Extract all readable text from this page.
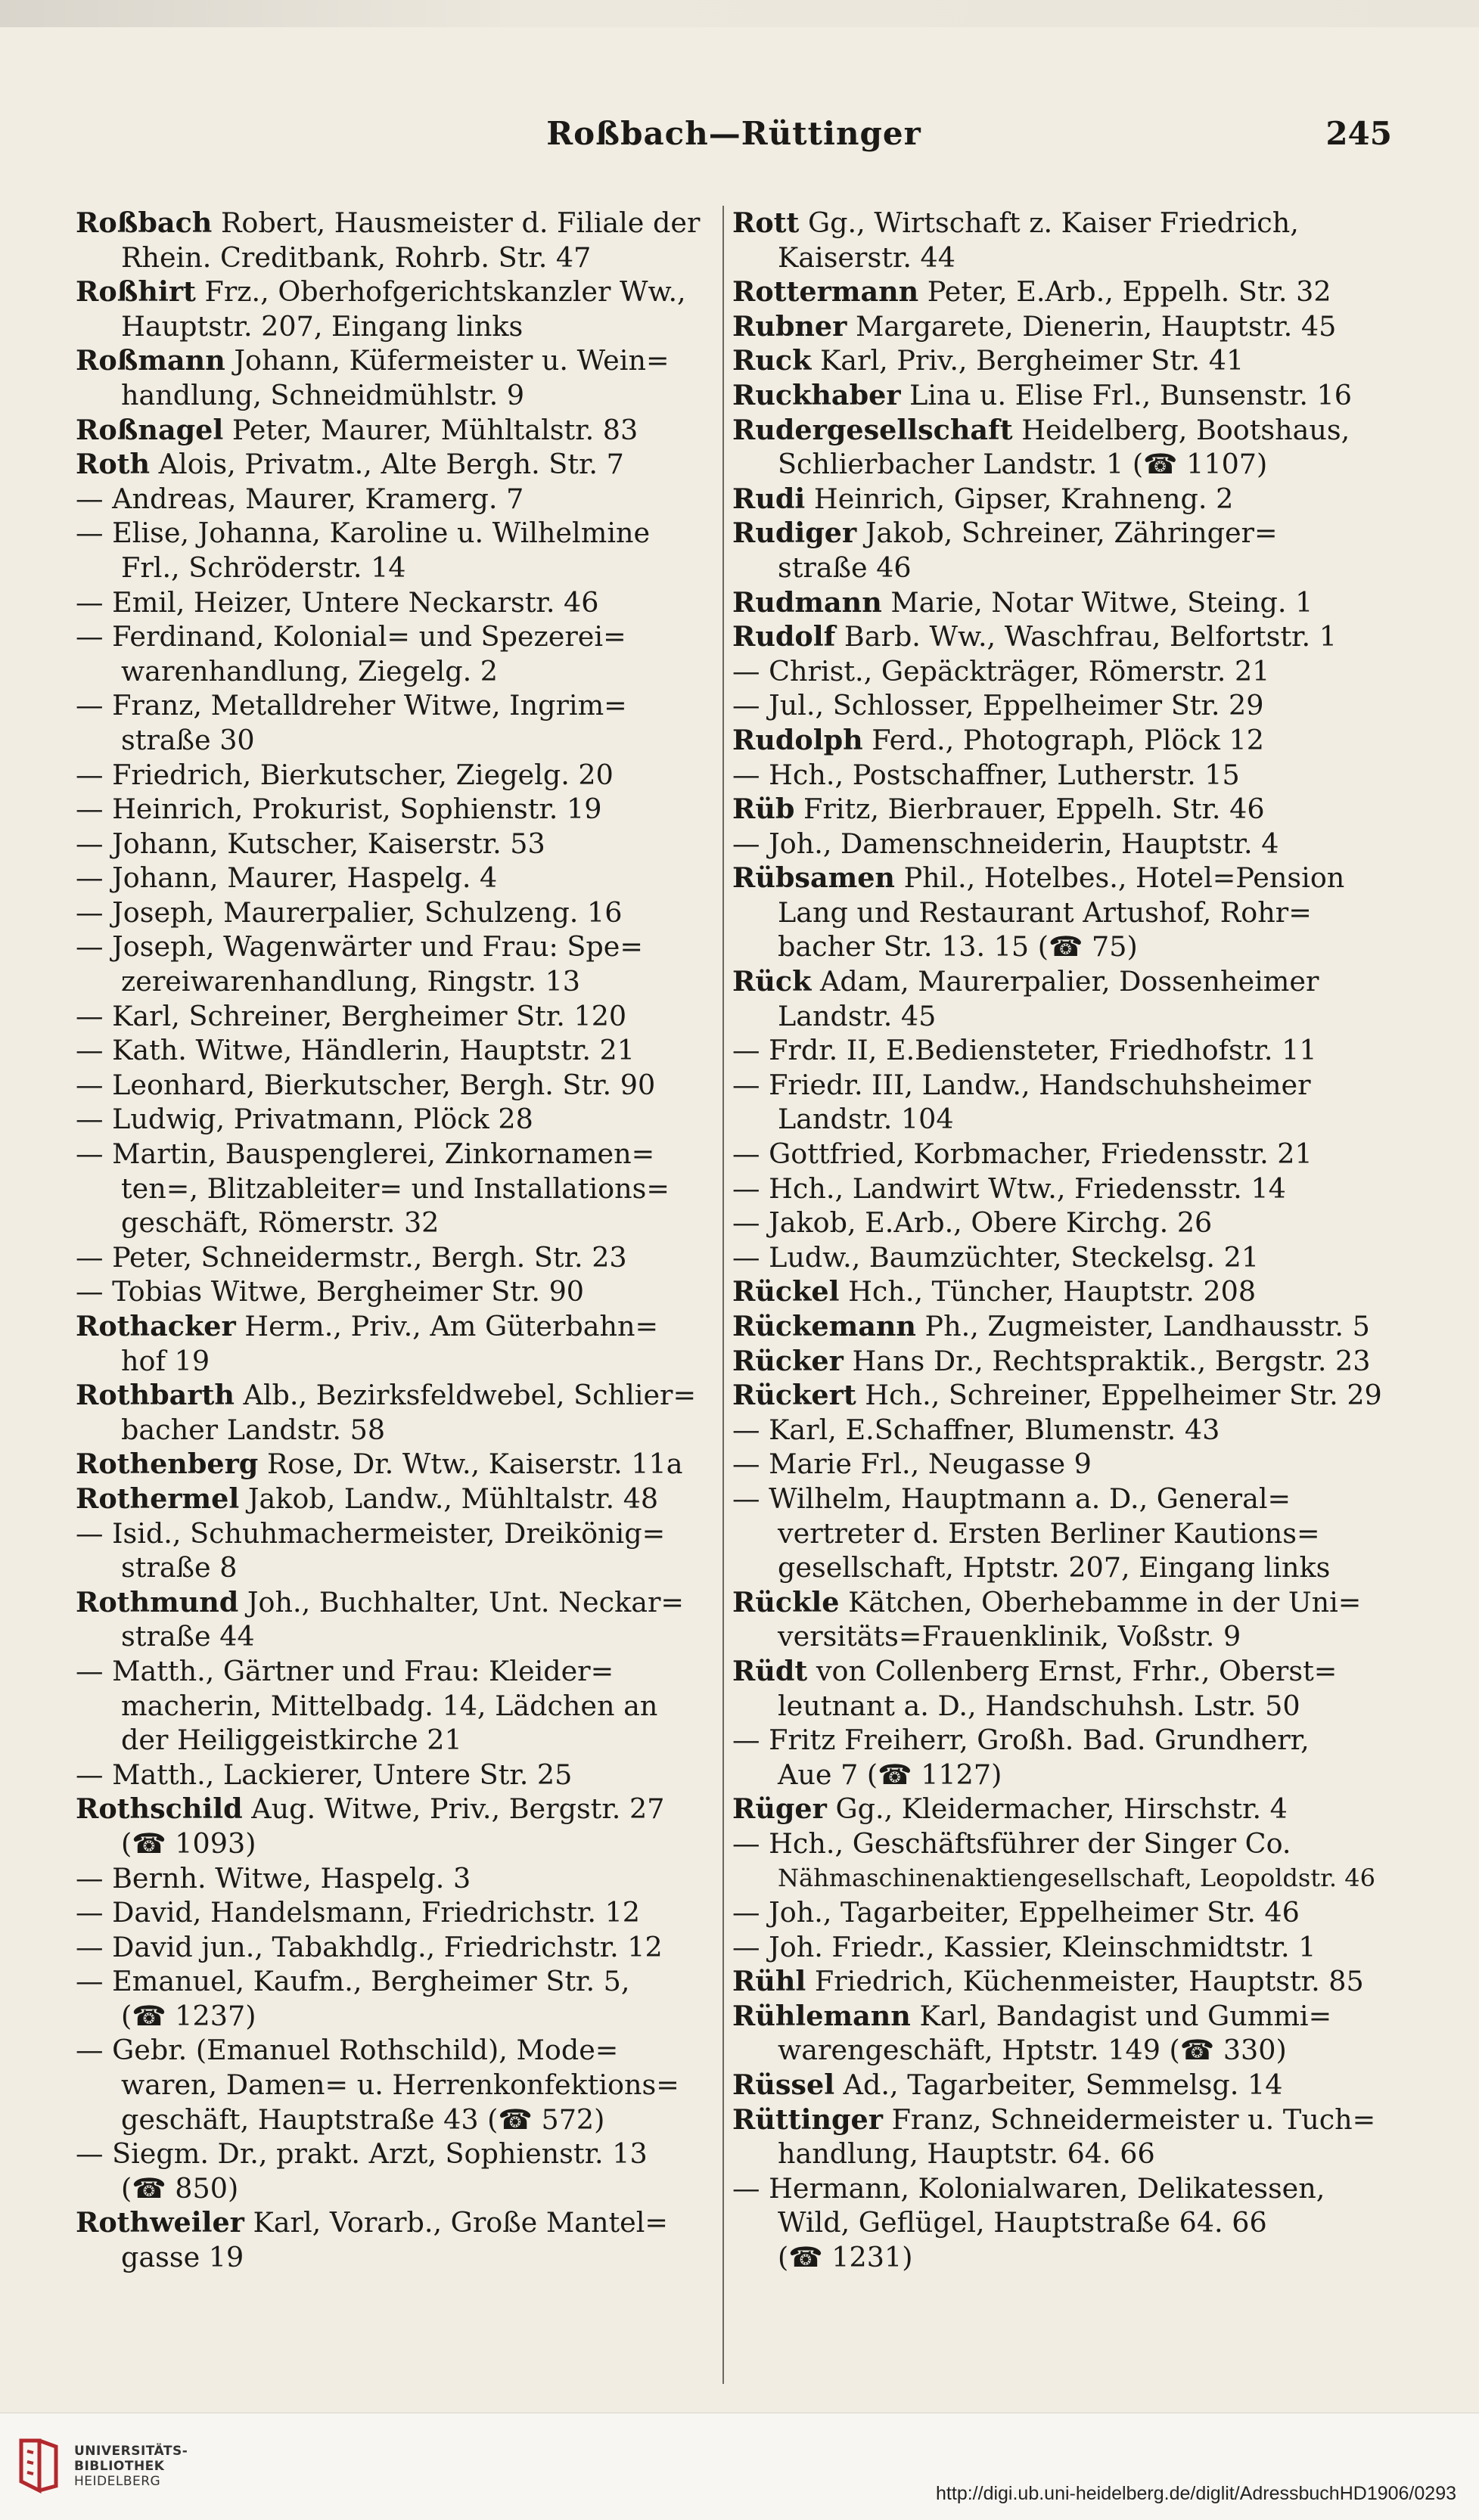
Roßbach—Rüttinger	245
Roßbach Robert, Hausmeister d. Filiale der
Rhein. Creditbank, Rohrb. Str. 47
Roßhirt Frz., Oberhofgerichtskanzler Ww.,
Hauptstr. 207, Eingang links
Roßmann Johann, Küfermeister u. Wein=
handlung, Schneidmühlstr. 9
Roßnagel Peter, Maurer, Mühltalstr. 83
Roth Alois, Privatm., Alte Bergh. Str. 7
— Andreas, Maurer, Kramerg. 7
— Elise, Johanna, Karoline u. Wilhelmine
Frl., Schröderstr. 14
— Emil, Heizer, Untere Neckarstr. 46
— Ferdinand, Kolonial= und Spezerei=
warenhandlung, Ziegelg. 2
— Franz, Metalldreher Witwe, Ingrim=
straße 30
— Friedrich, Bierkutscher, Ziegelg. 20
— Heinrich, Prokurist, Sophienstr. 19
— Johann, Kutscher, Kaiserstr. 53
— Johann, Maurer, Haspelg. 4
— Joseph, Maurerpalier, Schulzeng. 16
— Joseph, Wagenwärter und Frau: Spe=
zereiwarenhandlung, Ringstr. 13
— Karl, Schreiner, Bergheimer Str. 120
— Kath. Witwe, Händlerin, Hauptstr. 21
— Leonhard, Bierkutscher, Bergh. Str. 90
— Ludwig, Privatmann, Plöck 28
— Martin, Bauspenglerei, Zinkornamen=
ten=, Blitzableiter= und Installations=
geschäft, Römerstr. 32
— Peter, Schneidermstr., Bergh. Str. 23
— Tobias Witwe, Bergheimer Str. 90
Rothacker Herm., Priv., Am Güterbahn=
hof 19
Rothbarth Alb., Bezirksfeldwebel, Schlier=
bacher Landstr. 58
Rothenberg Rose, Dr. Wtw., Kaiserstr. 11a
Rothermel Jakob, Landw., Mühltalstr. 48
— Isid., Schuhmachermeister, Dreikönig=
straße 8
Rothmund Joh., Buchhalter, Unt. Neckar=
straße 44
— Matth., Gärtner und Frau: Kleider=
macherin, Mittelbadg. 14, Lädchen an
der Heiliggeistkirche 21
— Matth., Lackierer, Untere Str. 25
Rothschild Aug. Witwe, Priv., Bergstr. 27
(☎ 1093)
— Bernh. Witwe, Haspelg. 3
— David, Handelsmann, Friedrichstr. 12
— David jun., Tabakhdlg., Friedrichstr. 12
— Emanuel, Kaufm., Bergheimer Str. 5,
(☎ 1237)
— Gebr. (Emanuel Rothschild), Mode=
waren, Damen= u. Herrenkonfektions=
geschäft, Hauptstraße 43 (☎ 572)
— Siegm. Dr., prakt. Arzt, Sophienstr. 13
(☎ 850)
Rothweiler Karl, Vorarb., Große Mantel=
gasse 19
Rott Gg., Wirtschaft z. Kaiser Friedrich,
Kaiserstr. 44
Rottermann Peter, E.Arb., Eppelh. Str. 32
Rubner Margarete, Dienerin, Hauptstr. 45
Ruck Karl, Priv., Bergheimer Str. 41
Ruckhaber Lina u. Elise Frl., Bunsenstr. 16
Rudergesellschaft Heidelberg, Bootshaus,
Schlierbacher Landstr. 1 (☎ 1107)
Rudi Heinrich, Gipser, Krahneng. 2
Rudiger Jakob, Schreiner, Zähringer=
straße 46
Rudmann Marie, Notar Witwe, Steing. 1
Rudolf Barb. Ww., Waschfrau, Belfortstr. 1
— Christ., Gepäckträger, Römerstr. 21
— Jul., Schlosser, Eppelheimer Str. 29
Rudolph Ferd., Photograph, Plöck 12
— Hch., Postschaffner, Lutherstr. 15
Rüb Fritz, Bierbrauer, Eppelh. Str. 46
— Joh., Damenschneiderin, Hauptstr. 4
Rübsamen Phil., Hotelbes., Hotel=Pension
Lang und Restaurant Artushof, Rohr=
bacher Str. 13. 15 (☎ 75)
Rück Adam, Maurerpalier, Dossenheimer
Landstr. 45
— Frdr. II, E.Bediensteter, Friedhofstr. 11
— Friedr. III, Landw., Handschuhsheimer
Landstr. 104
— Gottfried, Korbmacher, Friedensstr. 21
— Hch., Landwirt Wtw., Friedensstr. 14
— Jakob, E.Arb., Obere Kirchg. 26
— Ludw., Baumzüchter, Steckelsg. 21
Rückel Hch., Tüncher, Hauptstr. 208
Rückemann Ph., Zugmeister, Landhausstr. 5
Rücker Hans Dr., Rechtspraktik., Bergstr. 23
Rückert Hch., Schreiner, Eppelheimer Str. 29
— Karl, E.Schaffner, Blumenstr. 43
— Marie Frl., Neugasse 9
— Wilhelm, Hauptmann a. D., General=
vertreter d. Ersten Berliner Kautions=
gesellschaft, Hptstr. 207, Eingang links
Rückle Kätchen, Oberhebamme in der Uni=
versitäts=Frauenklinik, Voßstr. 9
Rüdt von Collenberg Ernst, Frhr., Oberst=
leutnant a. D., Handschuhsh. Lstr. 50
— Fritz Freiherr, Großh. Bad. Grundherr,
Aue 7 (☎ 1127)
Rüger Gg., Kleidermacher, Hirschstr. 4
— Hch., Geschäftsführer der Singer Co.
Nähmaschinenaktiengesellschaft, Leopoldstr. 46
— Joh., Tagarbeiter, Eppelheimer Str. 46
— Joh. Friedr., Kassier, Kleinschmidtstr. 1
Rühl Friedrich, Küchenmeister, Hauptstr. 85
Rühlemann Karl, Bandagist und Gummi=
warengeschäft, Hptstr. 149 (☎ 330)
Rüssel Ad., Tagarbeiter, Semmelsg. 14
Rüttinger Franz, Schneidermeister u. Tuch=
handlung, Hauptstr. 64. 66
— Hermann, Kolonialwaren, Delikatessen,
Wild, Geflügel, Hauptstraße 64. 66
(☎ 1231)
UNIVERSITÄTS-
BIBLIOTHEK
HEIDELBERG
http://digi.ub.uni-heidelberg.de/diglit/AdressbuchHD1906/0293
